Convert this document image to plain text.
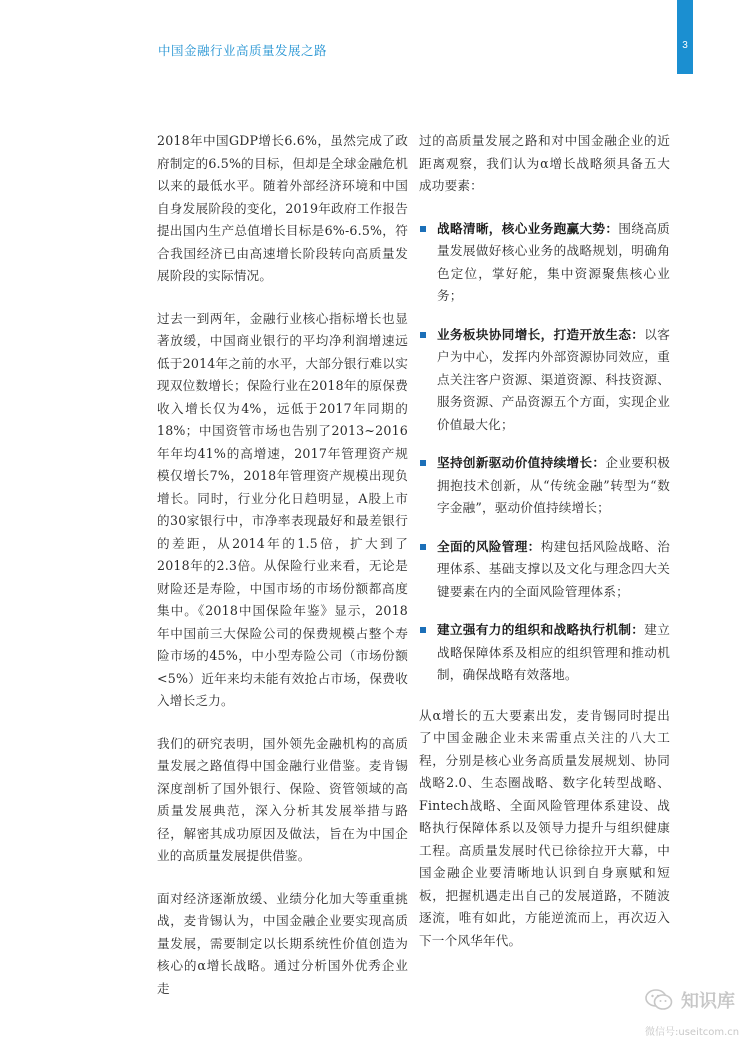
中国金融行业高质量发展之路	3

2018年中国GDP增长6.6%，虽然完成了政府制定的6.5%的目标，但却是全球金融危机以来的最低水平。随着外部经济环境和中国自身发展阶段的变化，2019年政府工作报告提出国内生产总值增长目标是6%-6.5%，符合我国经济已由高速增长阶段转向高质量发展阶段的实际情况。

过去一到两年，金融行业核心指标增长也显著放缓，中国商业银行的平均净利润增速远低于2014年之前的水平，大部分银行难以实现双位数增长；保险行业在2018年的原保费收入增长仅为4%，远低于2017年同期的18%；中国资管市场也告别了2013~2016年年均41%的高增速，2017年管理资产规模仅增长7%，2018年管理资产规模出现负增长。同时，行业分化日趋明显，A股上市的30家银行中，市净率表现最好和最差银行的差距，从2014年的1.5倍，扩大到了2018年的2.3倍。从保险行业来看，无论是财险还是寿险，中国市场的市场份额都高度集中。《2018中国保险年鉴》显示，2018年中国前三大保险公司的保费规模占整个寿险市场的45%，中小型寿险公司（市场份额<5%）近年来均未能有效抢占市场，保费收入增长乏力。

我们的研究表明，国外领先金融机构的高质量发展之路值得中国金融行业借鉴。麦肯锡深度剖析了国外银行、保险、资管领域的高质量发展典范，深入分析其发展举措与路径，解密其成功原因及做法，旨在为中国企业的高质量发展提供借鉴。

面对经济逐渐放缓、业绩分化加大等重重挑战，麦肯锡认为，中国金融企业要实现高质量发展，需要制定以长期系统性价值创造为核心的α增长战略。通过分析国外优秀企业走

过的高质量发展之路和对中国金融企业的近距离观察，我们认为α增长战略须具备五大成功要素：

战略清晰，核心业务跑赢大势：围绕高质量发展做好核心业务的战略规划，明确角色定位，掌好舵，集中资源聚焦核心业务；
业务板块协同增长，打造开放生态：以客户为中心，发挥内外部资源协同效应，重点关注客户资源、渠道资源、科技资源、服务资源、产品资源五个方面，实现企业价值最大化；
坚持创新驱动价值持续增长：企业要积极拥抱技术创新，从“传统金融”转型为“数字金融”，驱动价值持续增长；
全面的风险管理：构建包括风险战略、治理体系、基础支撑以及文化与理念四大关键要素在内的全面风险管理体系；
建立强有力的组织和战略执行机制：建立战略保障体系及相应的组织管理和推动机制，确保战略有效落地。

从α增长的五大要素出发，麦肯锡同时提出了中国金融企业未来需重点关注的八大工程，分别是核心业务高质量发展规划、协同战略2.0、生态圈战略、数字化转型战略、Fintech战略、全面风险管理体系建设、战略执行保障体系以及领导力提升与组织健康工程。高质量发展时代已徐徐拉开大幕，中国金融企业要清晰地认识到自身禀赋和短板，把握机遇走出自己的发展道路，不随波逐流，唯有如此，方能逆流而上，再次迈入下一个风华年代。

知识库
微信号:useitcom.cn
